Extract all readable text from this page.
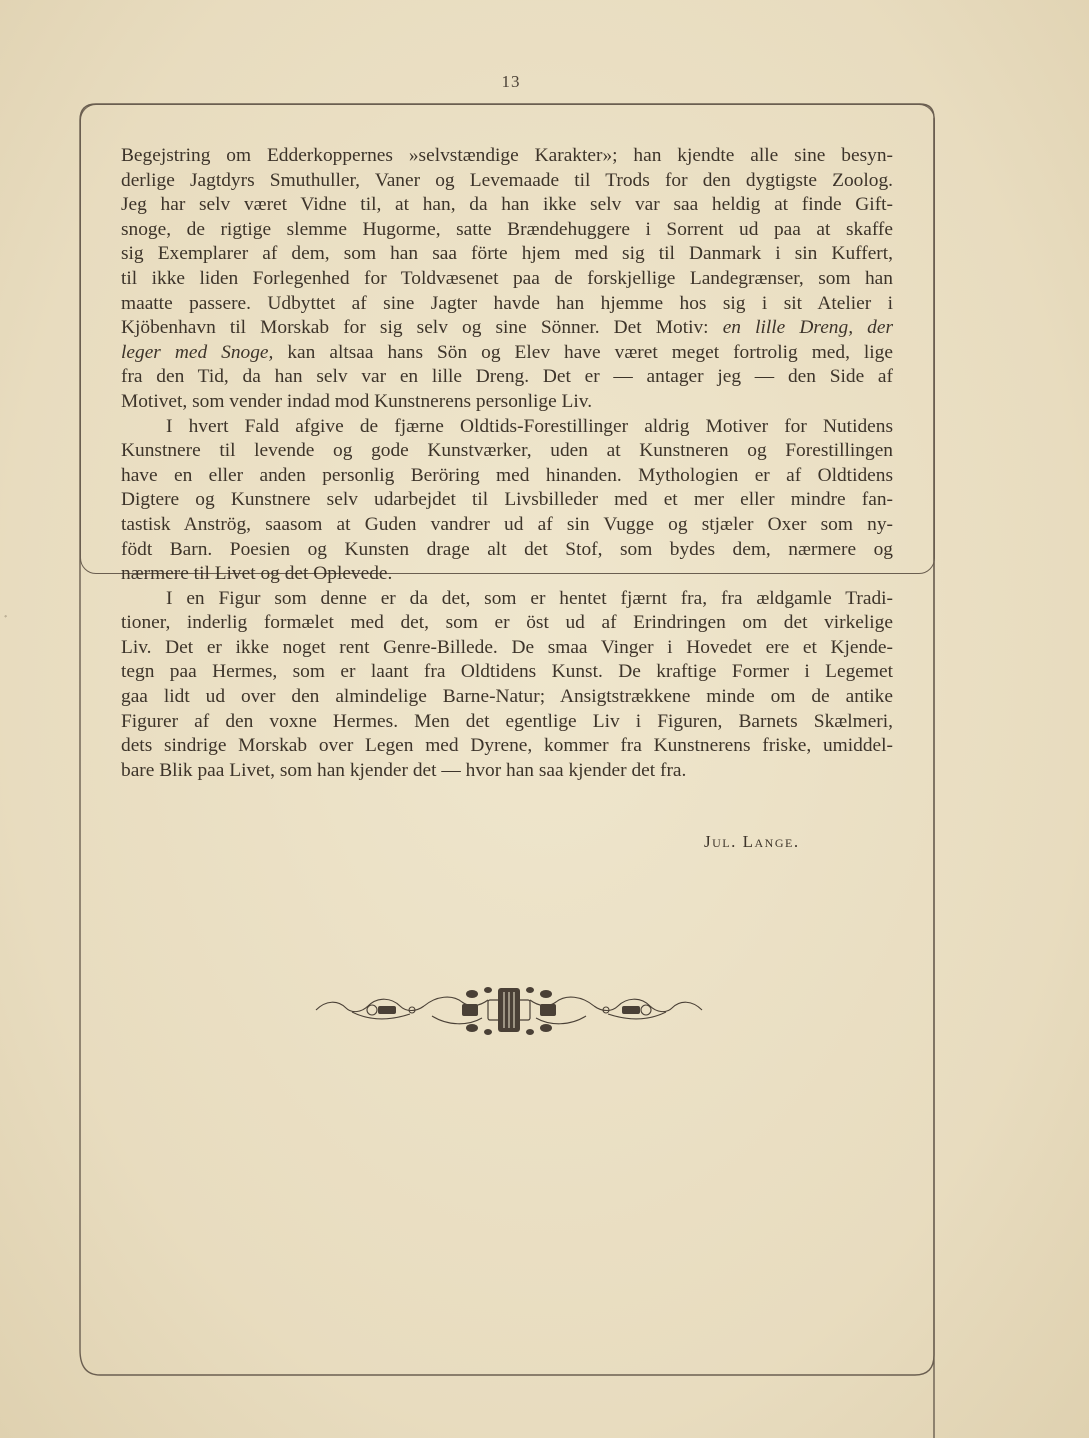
13
Begejstring om Edderkoppernes »selvstændige Karakter»; han kjendte alle sine besyn-
derlige Jagtdyrs Smuthuller, Vaner og Levemaade til Trods for den dygtigste Zoolog.
Jeg har selv været Vidne til, at han, da han ikke selv var saa heldig at finde Gift-
snoge, de rigtige slemme Hugorme, satte Brændehuggere i Sorrent ud paa at skaffe
sig Exemplarer af dem, som han saa förte hjem med sig til Danmark i sin Kuffert,
til ikke liden Forlegenhed for Toldvæsenet paa de forskjellige Landegrænser, som han
maatte passere. Udbyttet af sine Jagter havde han hjemme hos sig i sit Atelier i
Kjöbenhavn til Morskab for sig selv og sine Sönner. Det Motiv: en lille Dreng, der
leger med Snoge, kan altsaa hans Sön og Elev have været meget fortrolig med, lige
fra den Tid, da han selv var en lille Dreng. Det er — antager jeg — den Side af
Motivet, som vender indad mod Kunstnerens personlige Liv.
I hvert Fald afgive de fjærne Oldtids-Forestillinger aldrig Motiver for Nutidens
Kunstnere til levende og gode Kunstværker, uden at Kunstneren og Forestillingen
have en eller anden personlig Beröring med hinanden. Mythologien er af Oldtidens
Digtere og Kunstnere selv udarbejdet til Livsbilleder med et mer eller mindre fan-
tastisk Anströg, saasom at Guden vandrer ud af sin Vugge og stjæler Oxer som ny-
födt Barn. Poesien og Kunsten drage alt det Stof, som bydes dem, nærmere og
nærmere til Livet og det Oplevede.
I en Figur som denne er da det, som er hentet fjærnt fra, fra ældgamle Tradi-
tioner, inderlig formælet med det, som er öst ud af Erindringen om det virkelige
Liv. Det er ikke noget rent Genre-Billede. De smaa Vinger i Hovedet ere et Kjende-
tegn paa Hermes, som er laant fra Oldtidens Kunst. De kraftige Former i Legemet
gaa lidt ud over den almindelige Barne-Natur; Ansigtstrækkene minde om de antike
Figurer af den voxne Hermes. Men det egentlige Liv i Figuren, Barnets Skælmeri,
dets sindrige Morskab over Legen med Dyrene, kommer fra Kunstnerens friske, umiddel-
bare Blik paa Livet, som han kjender det — hvor han saa kjender det fra.
Jul. Lange.
ﾞ
